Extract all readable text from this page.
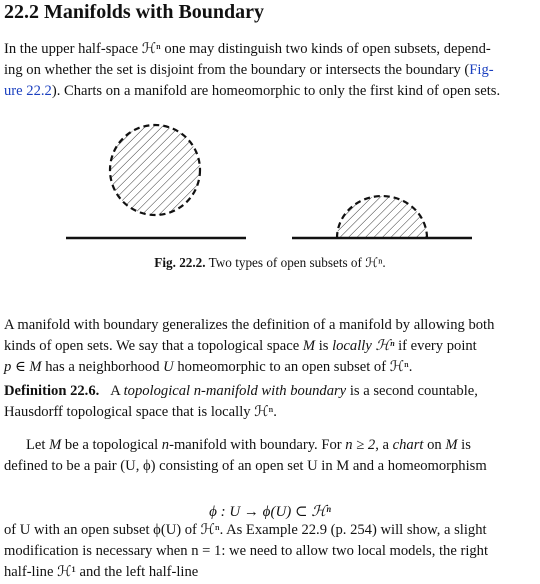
22.2 Manifolds with Boundary
In the upper half-space ℋⁿ one may distinguish two kinds of open subsets, depend-
ing on whether the set is disjoint from the boundary or intersects the boundary (Fig-
ure 22.2). Charts on a manifold are homeomorphic to only the first kind of open sets.
Fig. 22.2. Two types of open subsets of ℋⁿ.
A manifold with boundary generalizes the definition of a manifold by allowing both
kinds of open sets. We say that a topological space M is locally ℋⁿ if every point
p ∈ M has a neighborhood U homeomorphic to an open subset of ℋⁿ.
Definition 22.6. A topological n-manifold with boundary is a second countable,
Hausdorff topological space that is locally ℋⁿ.
Let M be a topological n-manifold with boundary. For n ≥ 2, a chart on M is
defined to be a pair (U, ϕ) consisting of an open set U in M and a homeomorphism
ϕ : U → ϕ(U) ⊂ ℋⁿ
of U with an open subset ϕ(U) of ℋⁿ. As Example 22.9 (p. 254) will show, a slight
modification is necessary when n = 1: we need to allow two local models, the right
half-line ℋ¹ and the left half-line
